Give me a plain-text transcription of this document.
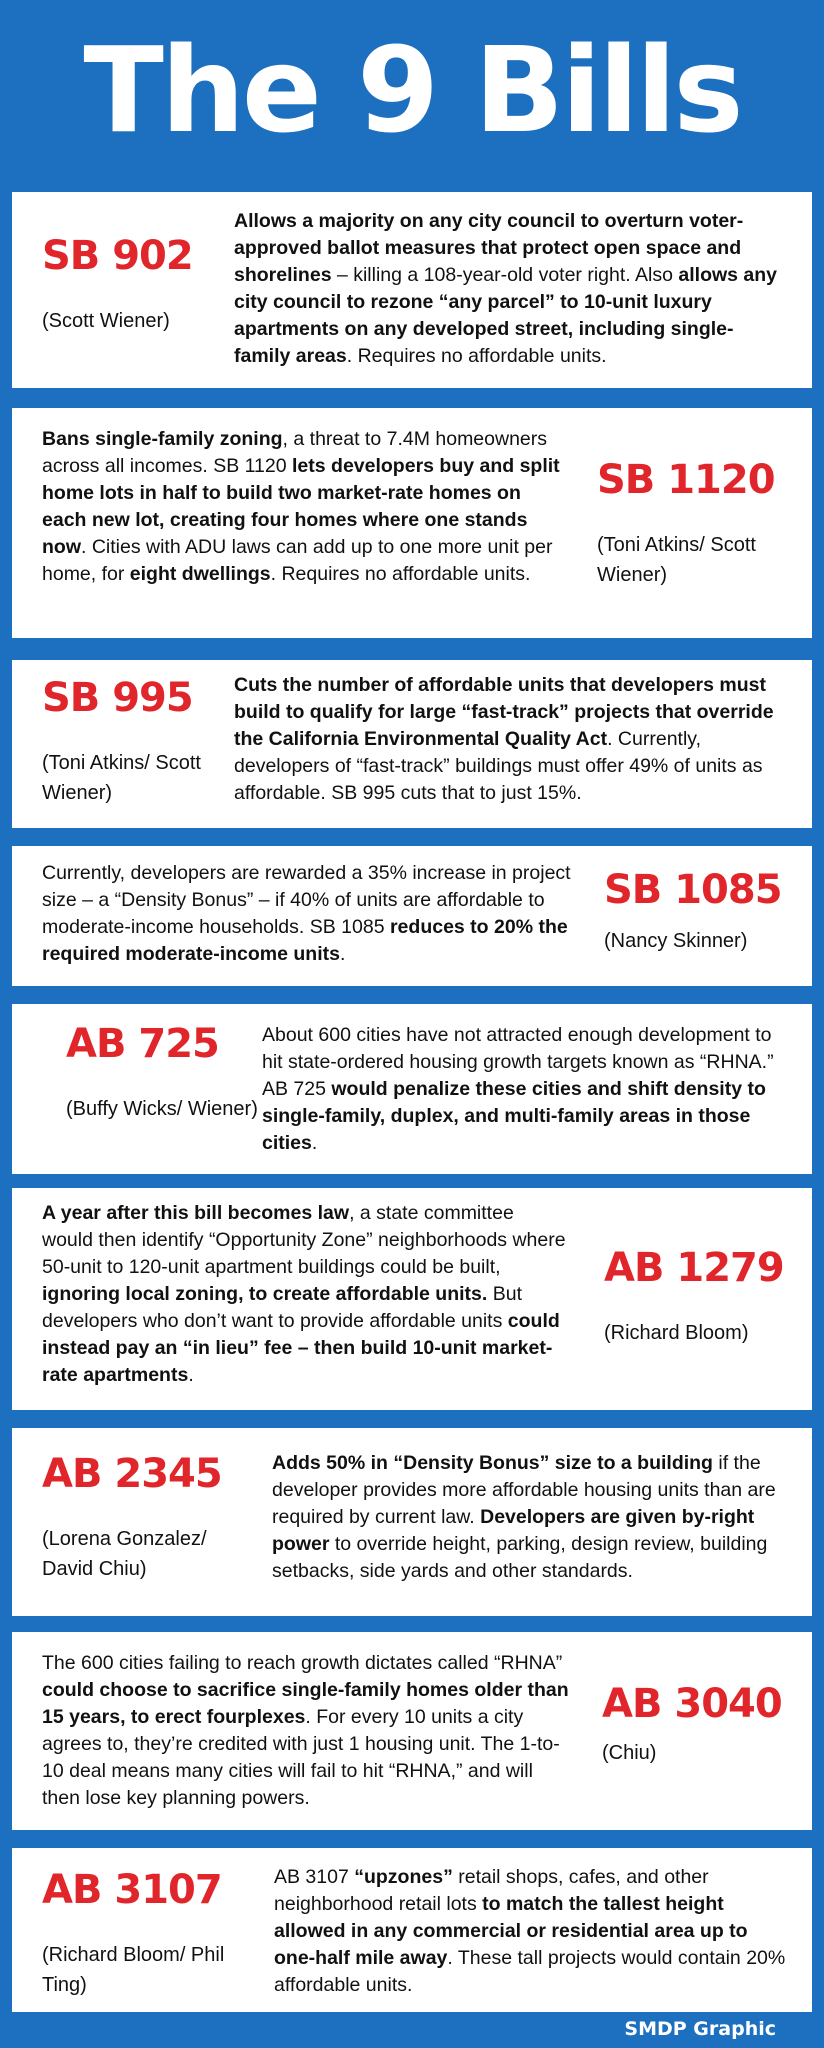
The 9 Bills
SB 902
(Scott Wiener)
Allows a majority on any city council to overturn voter-approved ballot measures that protect open space and shorelines – killing a 108-year-old voter right. Also allows any city council to rezone “any parcel” to 10-unit luxury apartments on any developed street, including single-family areas. Requires no affordable units.
Bans single-family zoning, a threat to 7.4M homeowners across all incomes. SB 1120 lets developers buy and split home lots in half to build two market-rate homes on each new lot, creating four homes where one stands now. Cities with ADU laws can add up to one more unit per home, for eight dwellings. Requires no affordable units.
SB 1120
(Toni Atkins/ Scott Wiener)
SB 995
(Toni Atkins/ Scott Wiener)
Cuts the number of affordable units that developers must build to qualify for large “fast-track” projects that override the California Environmental Quality Act. Currently, developers of “fast-track” buildings must offer 49% of units as affordable. SB 995 cuts that to just 15%.
Currently, developers are rewarded a 35% increase in project size – a “Density Bonus” – if 40% of units are affordable to moderate-income households. SB 1085 reduces to 20% the required moderate-income units.
SB 1085
(Nancy Skinner)
AB 725
(Buffy Wicks/ Wiener)
About 600 cities have not attracted enough development to hit state-ordered housing growth targets known as “RHNA.” AB 725 would penalize these cities and shift density to single-family, duplex, and multi-family areas in those cities.
A year after this bill becomes law, a state committee would then identify “Opportunity Zone” neighborhoods where 50-unit to 120-unit apartment buildings could be built, ignoring local zoning, to create affordable units. But developers who don’t want to provide affordable units could instead pay an “in lieu” fee – then build 10-unit market-rate apartments.
AB 1279
(Richard Bloom)
AB 2345
(Lorena Gonzalez/ David Chiu)
Adds 50% in “Density Bonus” size to a building if the developer provides more affordable housing units than are required by current law. Developers are given by-right power to override height, parking, design review, building setbacks, side yards and other standards.
The 600 cities failing to reach growth dictates called “RHNA” could choose to sacrifice single-family homes older than 15 years, to erect fourplexes. For every 10 units a city agrees to, they’re credited with just 1 housing unit. The 1-to-10 deal means many cities will fail to hit “RHNA,” and will then lose key planning powers.
AB 3040
(Chiu)
AB 3107
(Richard Bloom/ Phil Ting)
AB 3107 “upzones” retail shops, cafes, and other neighborhood retail lots to match the tallest height allowed in any commercial or residential area up to one-half mile away. These tall projects would contain 20% affordable units.
SMDP Graphic
